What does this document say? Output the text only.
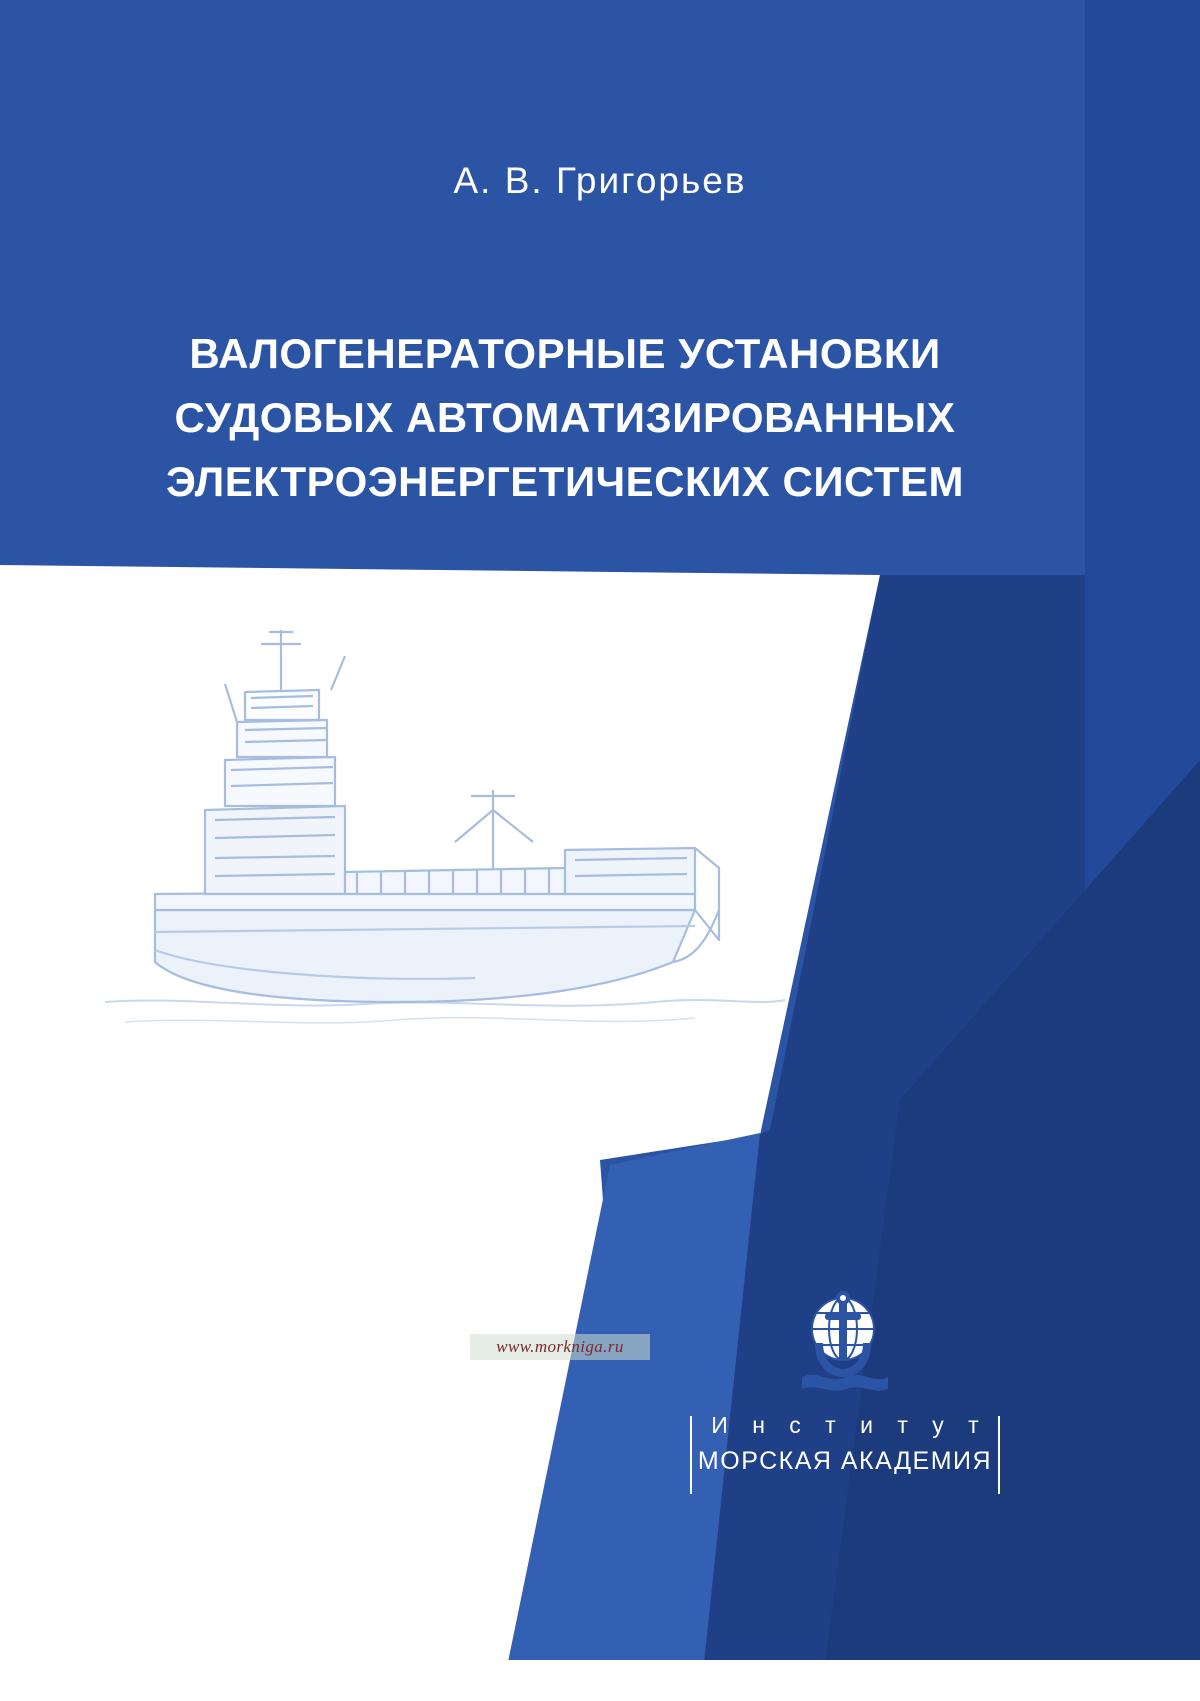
А. В. Григорьев
ВАЛОГЕНЕРАТОРНЫЕ УСТАНОВКИ
СУДОВЫХ АВТОМАТИЗИРОВАННЫХ
ЭЛЕКТРОЭНЕРГЕТИЧЕСКИХ СИСТЕМ
www.morkniga.ru
И н с т и т у т
МОРСКАЯ АКАДЕМИЯ
